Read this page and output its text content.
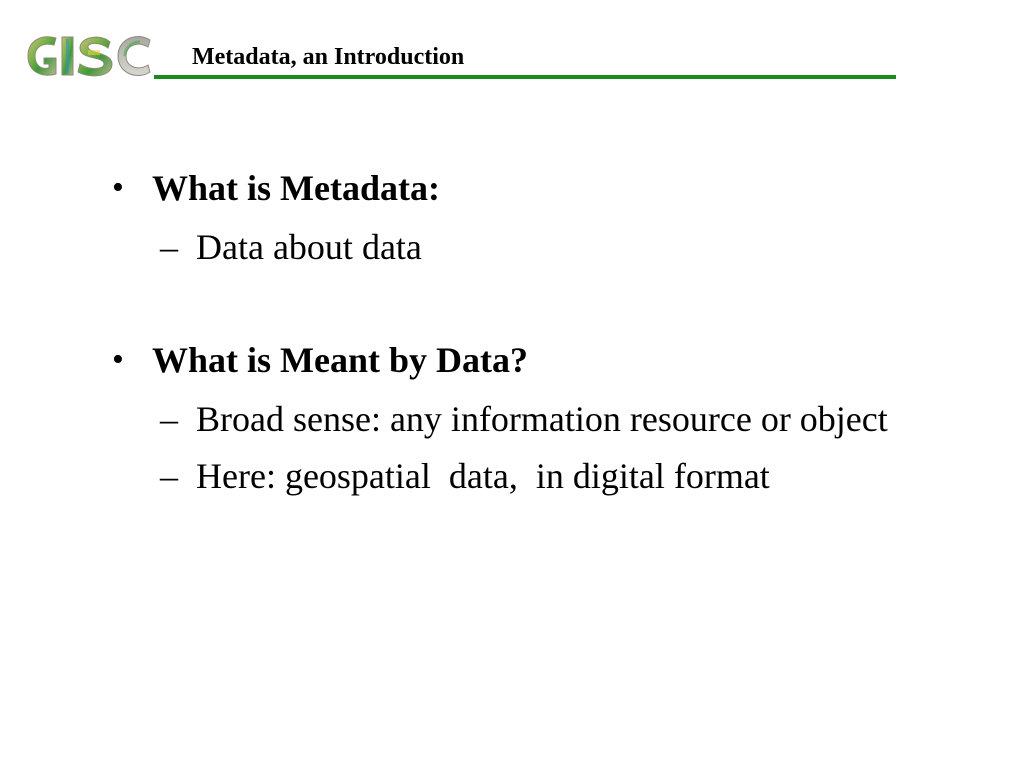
Metadata, an Introduction
• What is Metadata:
– Data about data
• What is Meant by Data?
– Broad sense: any information resource or object
– Here: geospatial  data,  in digital format
